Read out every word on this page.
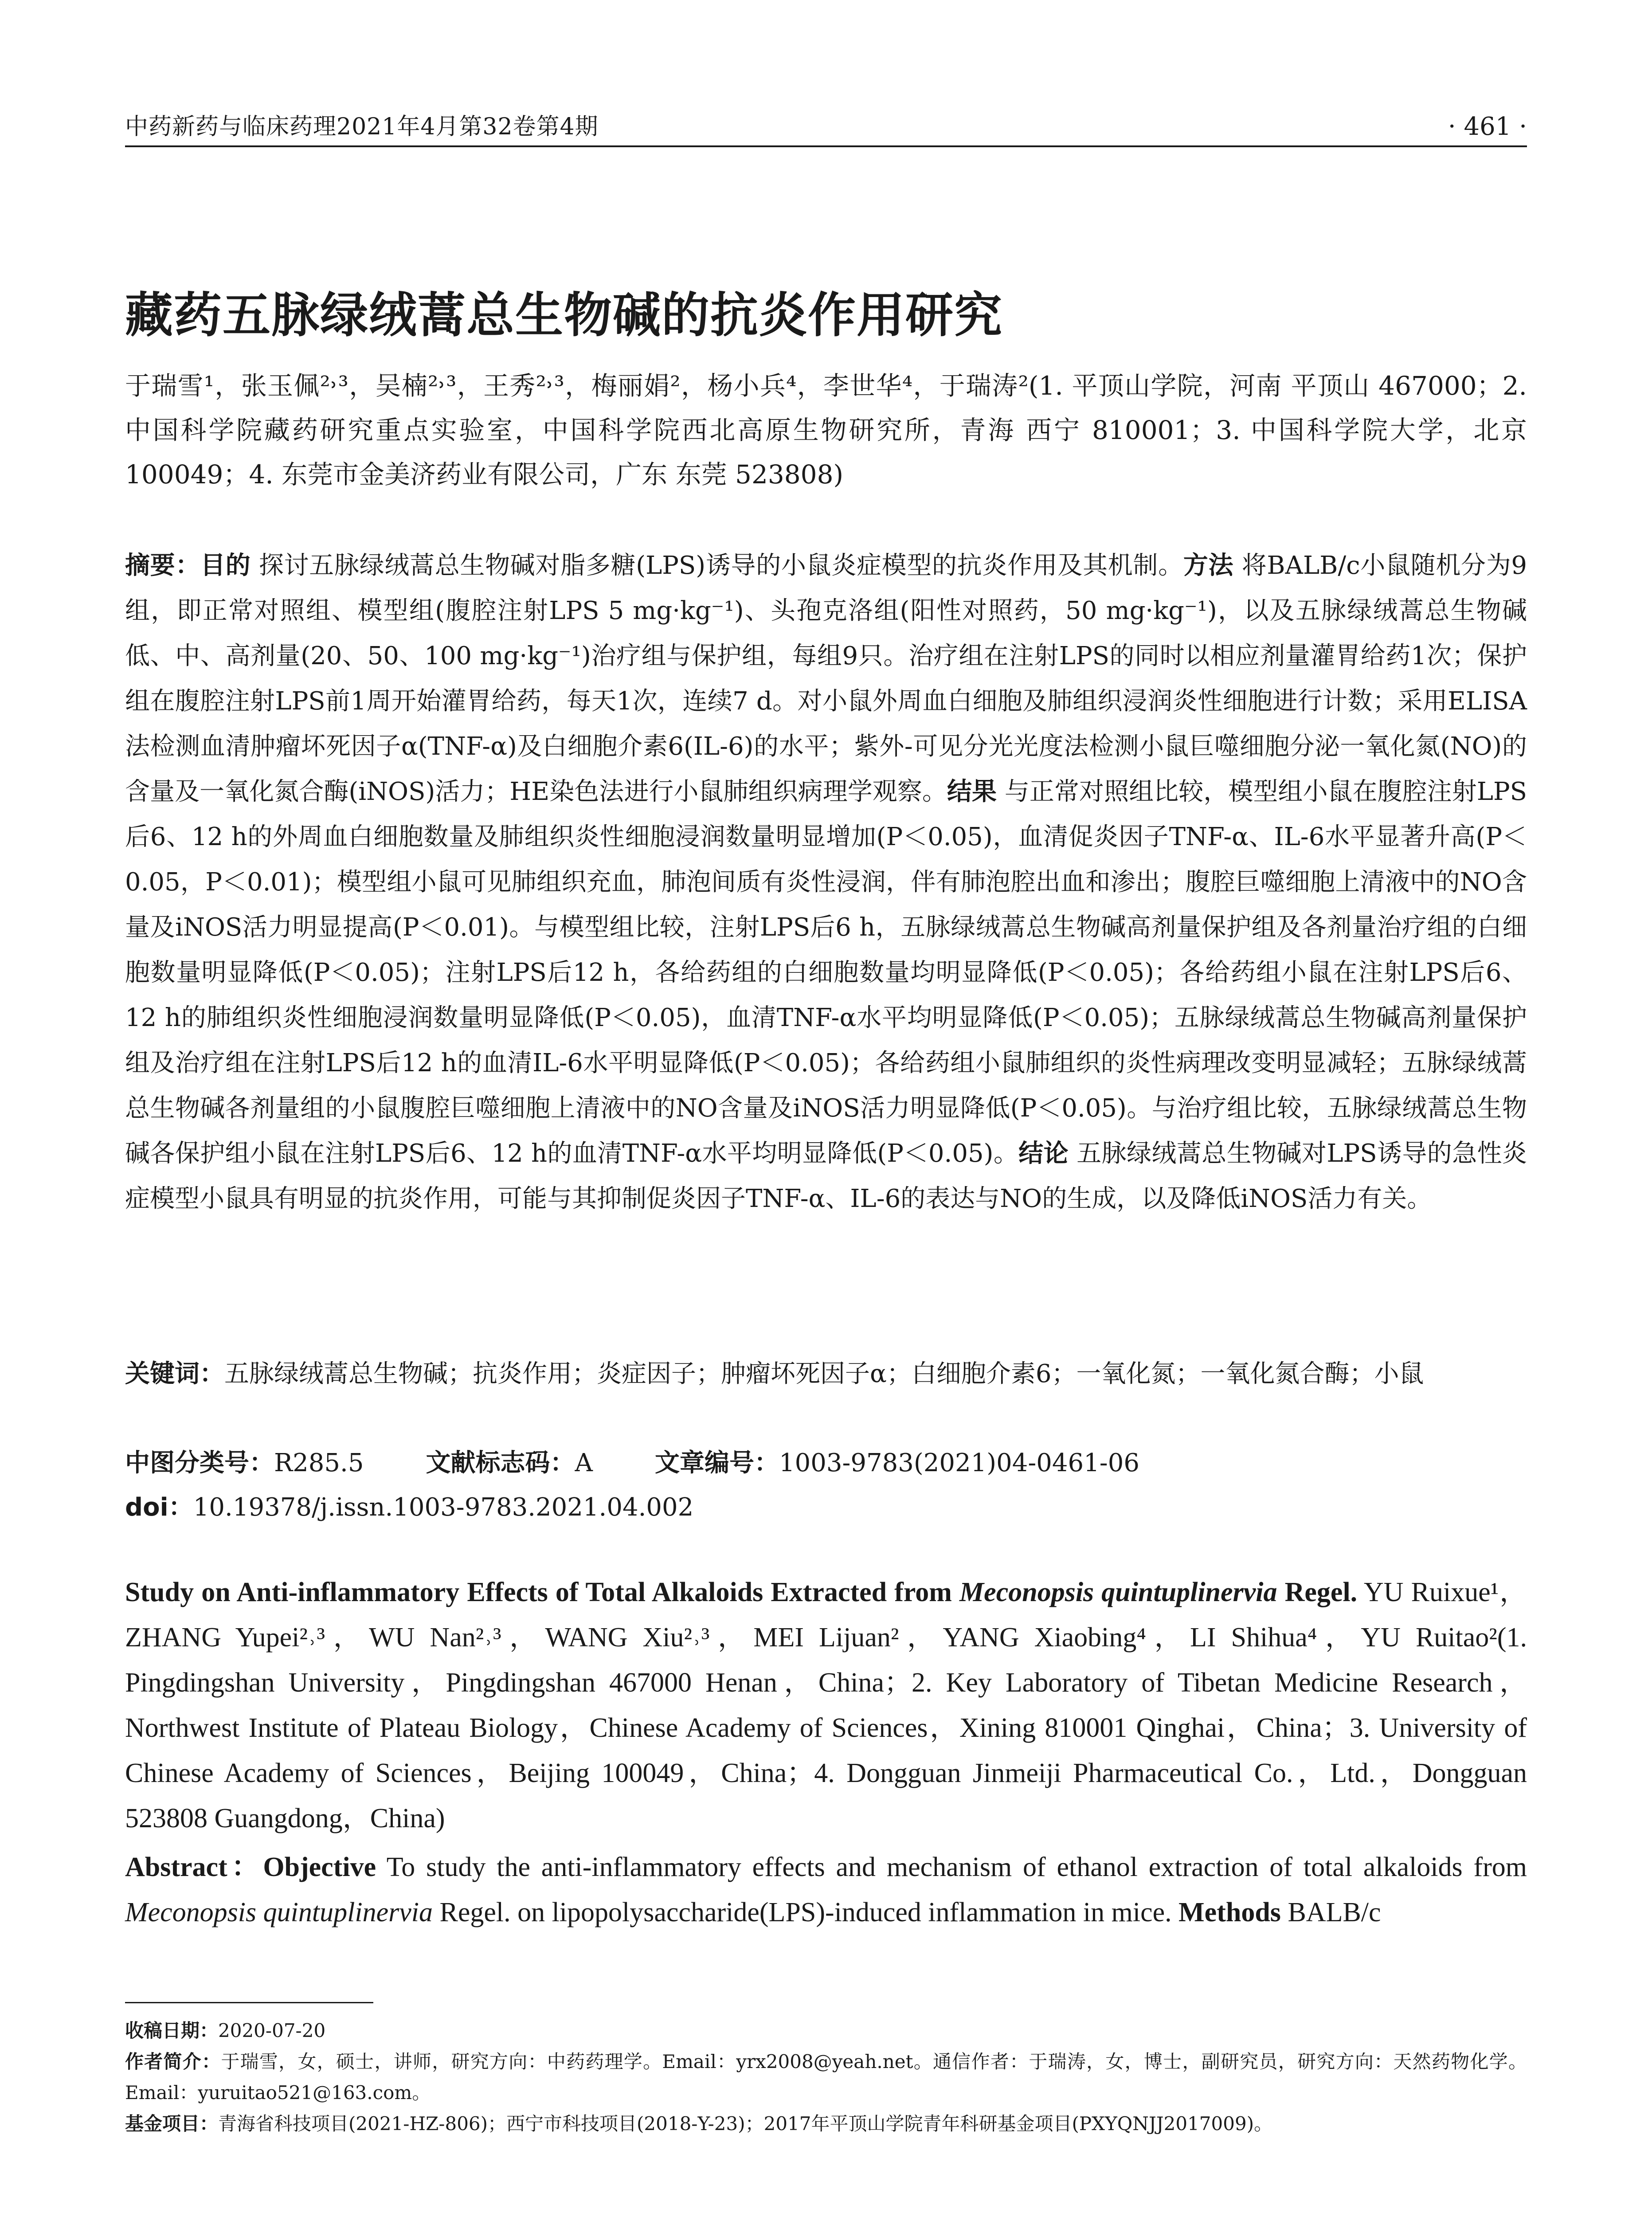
中药新药与临床药理2021年4月第32卷第4期	· 461 ·
藏药五脉绿绒蒿总生物碱的抗炎作用研究

于瑞雪¹，张玉佩²˒³，吴楠²˒³，王秀²˒³，梅丽娟²，杨小兵⁴，李世华⁴，于瑞涛²(1. 平顶山学院，河南 平顶山 467000；2. 中国科学院藏药研究重点实验室，中国科学院西北高原生物研究所，青海 西宁 810001；3. 中国科学院大学，北京 100049；4. 东莞市金美济药业有限公司，广东 东莞 523808)

摘要：目的 探讨五脉绿绒蒿总生物碱对脂多糖(LPS)诱导的小鼠炎症模型的抗炎作用及其机制。方法 将BALB/c小鼠随机分为9组，即正常对照组、模型组(腹腔注射LPS 5 mg·kg⁻¹)、头孢克洛组(阳性对照药，50 mg·kg⁻¹)，以及五脉绿绒蒿总生物碱低、中、高剂量(20、50、100 mg·kg⁻¹)治疗组与保护组，每组9只。治疗组在注射LPS的同时以相应剂量灌胃给药1次；保护组在腹腔注射LPS前1周开始灌胃给药，每天1次，连续7 d。对小鼠外周血白细胞及肺组织浸润炎性细胞进行计数；采用ELISA法检测血清肿瘤坏死因子α(TNF-α)及白细胞介素6(IL-6)的水平；紫外-可见分光光度法检测小鼠巨噬细胞分泌一氧化氮(NO)的含量及一氧化氮合酶(iNOS)活力；HE染色法进行小鼠肺组织病理学观察。结果 与正常对照组比较，模型组小鼠在腹腔注射LPS后6、12 h的外周血白细胞数量及肺组织炎性细胞浸润数量明显增加(P＜0.05)，血清促炎因子TNF-α、IL-6水平显著升高(P＜0.05，P＜0.01)；模型组小鼠可见肺组织充血，肺泡间质有炎性浸润，伴有肺泡腔出血和渗出；腹腔巨噬细胞上清液中的NO含量及iNOS活力明显提高(P＜0.01)。与模型组比较，注射LPS后6 h，五脉绿绒蒿总生物碱高剂量保护组及各剂量治疗组的白细胞数量明显降低(P＜0.05)；注射LPS后12 h，各给药组的白细胞数量均明显降低(P＜0.05)；各给药组小鼠在注射LPS后6、12 h的肺组织炎性细胞浸润数量明显降低(P＜0.05)，血清TNF-α水平均明显降低(P＜0.05)；五脉绿绒蒿总生物碱高剂量保护组及治疗组在注射LPS后12 h的血清IL-6水平明显降低(P＜0.05)；各给药组小鼠肺组织的炎性病理改变明显减轻；五脉绿绒蒿总生物碱各剂量组的小鼠腹腔巨噬细胞上清液中的NO含量及iNOS活力明显降低(P＜0.05)。与治疗组比较，五脉绿绒蒿总生物碱各保护组小鼠在注射LPS后6、12 h的血清TNF-α水平均明显降低(P＜0.05)。结论 五脉绿绒蒿总生物碱对LPS诱导的急性炎症模型小鼠具有明显的抗炎作用，可能与其抑制促炎因子TNF-α、IL-6的表达与NO的生成，以及降低iNOS活力有关。

关键词：五脉绿绒蒿总生物碱；抗炎作用；炎症因子；肿瘤坏死因子α；白细胞介素6；一氧化氮；一氧化氮合酶；小鼠

中图分类号：R285.5	文献标志码：A	文章编号：1003-9783(2021)04-0461-06
doi：10.19378/j.issn.1003-9783.2021.04.002

Study on Anti-inflammatory Effects of Total Alkaloids Extracted from Meconopsis quintuplinervia Regel. YU Ruixue¹，ZHANG Yupei²˒³，WU Nan²˒³，WANG Xiu²˒³，MEI Lijuan²，YANG Xiaobing⁴，LI Shihua⁴，YU Ruitao²(1. Pingdingshan University，Pingdingshan 467000 Henan，China；2. Key Laboratory of Tibetan Medicine Research，Northwest Institute of Plateau Biology，Chinese Academy of Sciences，Xining 810001 Qinghai，China；3. University of Chinese Academy of Sciences，Beijing 100049，China；4. Dongguan Jinmeiji Pharmaceutical Co.，Ltd.，Dongguan 523808 Guangdong，China)

Abstract：Objective To study the anti-inflammatory effects and mechanism of ethanol extraction of total alkaloids from Meconopsis quintuplinervia Regel. on lipopolysaccharide(LPS)-induced inflammation in mice. Methods BALB/c

收稿日期：2020-07-20

作者简介：于瑞雪，女，硕士，讲师，研究方向：中药药理学。Email：yrx2008@yeah.net。通信作者：于瑞涛，女，博士，副研究员，研究方向：天然药物化学。Email：yuruitao521@163.com。

基金项目：青海省科技项目(2021-HZ-806)；西宁市科技项目(2018-Y-23)；2017年平顶山学院青年科研基金项目(PXYQNJJ2017009)。
